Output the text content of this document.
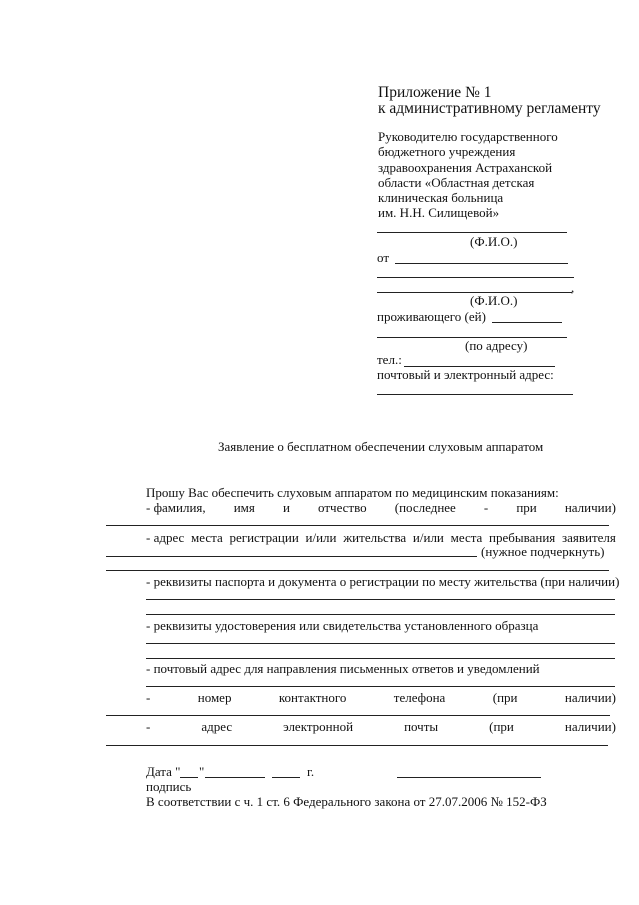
Приложение № 1
к административному регламенту
Руководителю государственного
бюджетного учреждения
здравоохранения Астраханской
области «Областная детская
клиническая больница
им. Н.Н. Силищевой»
(Ф.И.О.)
от
,
(Ф.И.О.)
проживающего (ей)
(по адресу)
тел.:
почтовый и электронный адрес:
Заявление о бесплатном обеспечении слуховым аппаратом
Прошу Вас обеспечить слуховым аппаратом по медицинским показаниям:
- фамилия, имя и отчество (последнее - при наличии)
- адрес места регистрации и/или жительства и/или места пребывания заявителя
(нужное подчеркнуть)
- реквизиты паспорта и документа о регистрации по месту жительства (при наличии)
- реквизиты удостоверения или свидетельства установленного образца
- почтовый адрес для направления письменных ответов и уведомлений
-	номер	контактного	телефона	(при	наличии)
-	адрес	электронной	почты	(при	наличии)
Дата " "	г.
подпись
В соответствии с ч. 1 ст. 6 Федерального закона от 27.07.2006 № 152-ФЗ
